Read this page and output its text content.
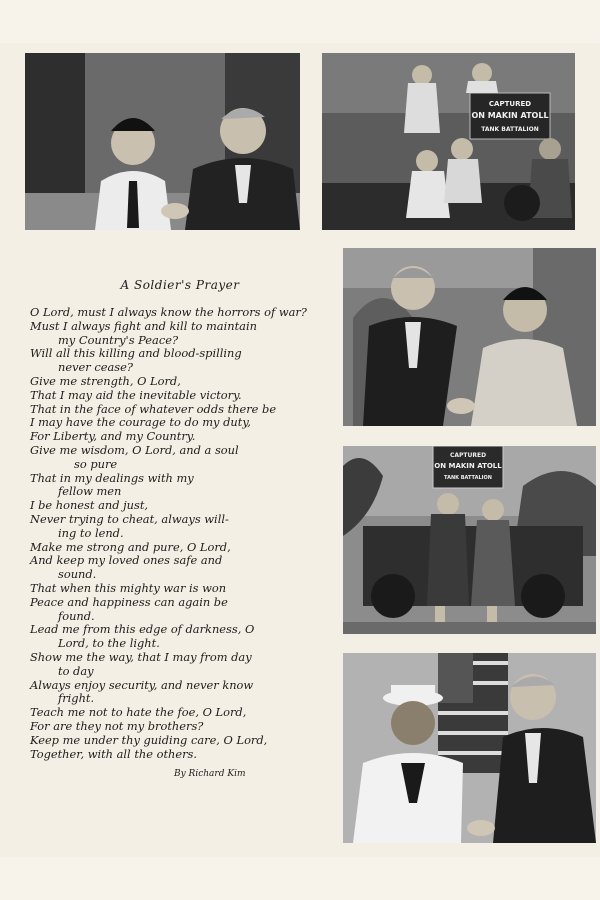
CAPTURED
ON MAKIN ATOLL
TANK BATTALION
CAPTURED
ON MAKIN ATOLL
TANK BATTALION
A Soldier's Prayer
O Lord, must I always know the horrors of war?
Must I always fight and kill to maintain
my Country's Peace?
Will all this killing and blood-spilling
never cease?
Give me strength, O Lord,
That I may aid the inevitable victory.
That in the face of whatever odds there be
I may have the courage to do my duty,
For Liberty, and my Country.
Give me wisdom, O Lord, and a soul
so pure
That in my dealings with my
fellow men
I be honest and just,
Never trying to cheat, always will-
ing to lend.
Make me strong and pure, O Lord,
And keep my loved ones safe and
sound.
That when this mighty war is won
Peace and happiness can again be
found.
Lead me from this edge of darkness, O
Lord, to the light.
Show me the way, that I may from day
to day
Always enjoy security, and never know
fright.
Teach me not to hate the foe, O Lord,
For are they not my brothers?
Keep me under thy guiding care, O Lord,
Together, with all the others.
By Richard Kim
